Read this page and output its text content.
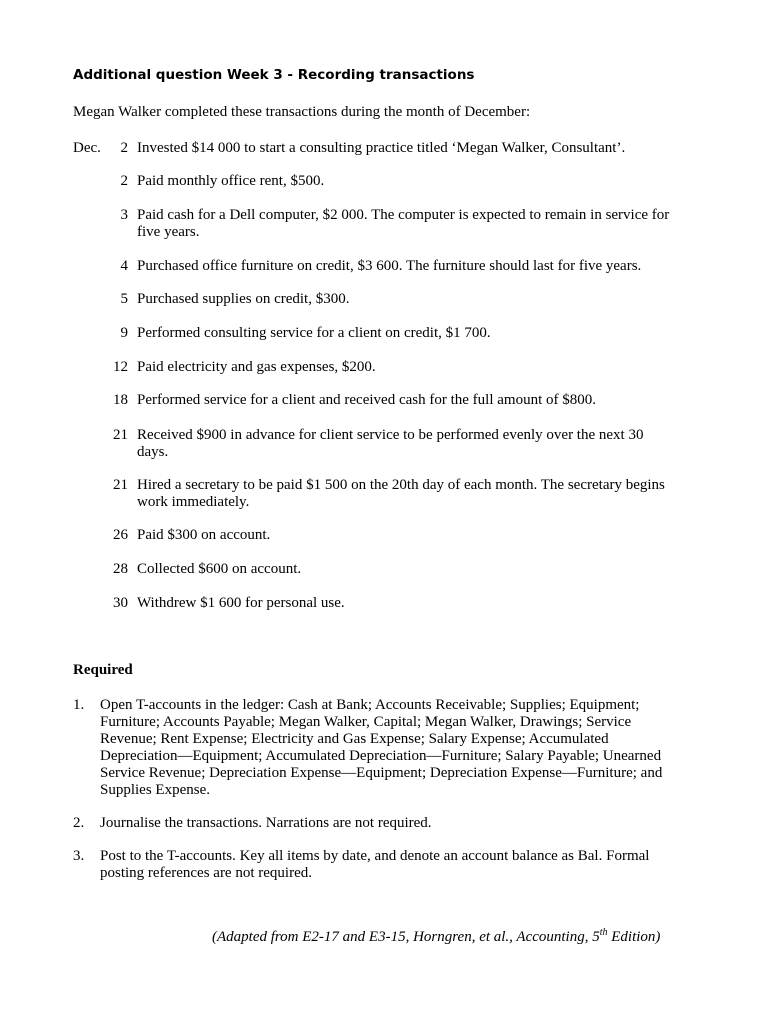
Additional question Week 3 - Recording transactions
Megan Walker completed these transactions during the month of December:
Dec.	2 Invested $14 000 to start a consulting practice titled ‘Megan Walker, Consultant’.
2 Paid monthly office rent, $500.
3 Paid cash for a Dell computer, $2 000. The computer is expected to remain in service for five years.
4 Purchased office furniture on credit, $3 600. The furniture should last for five years.
5 Purchased supplies on credit, $300.
9 Performed consulting service for a client on credit, $1 700.
12 Paid electricity and gas expenses, $200.
18 Performed service for a client and received cash for the full amount of $800.
21 Received $900 in advance for client service to be performed evenly over the next 30 days.
21 Hired a secretary to be paid $1 500 on the 20th day of each month. The secretary begins work immediately.
26 Paid $300 on account.
28 Collected $600 on account.
30 Withdrew $1 600 for personal use.
Required
1. Open T-accounts in the ledger: Cash at Bank; Accounts Receivable; Supplies; Equipment; Furniture; Accounts Payable; Megan Walker, Capital; Megan Walker, Drawings; Service Revenue; Rent Expense; Electricity and Gas Expense; Salary Expense; Accumulated Depreciation—Equipment; Accumulated Depreciation—Furniture; Salary Payable; Unearned Service Revenue; Depreciation Expense—Equipment; Depreciation Expense—Furniture; and Supplies Expense.
2. Journalise the transactions. Narrations are not required.
3. Post to the T-accounts. Key all items by date, and denote an account balance as Bal. Formal posting references are not required.
(Adapted from E2-17 and E3-15, Horngren, et al., Accounting, 5th Edition)
